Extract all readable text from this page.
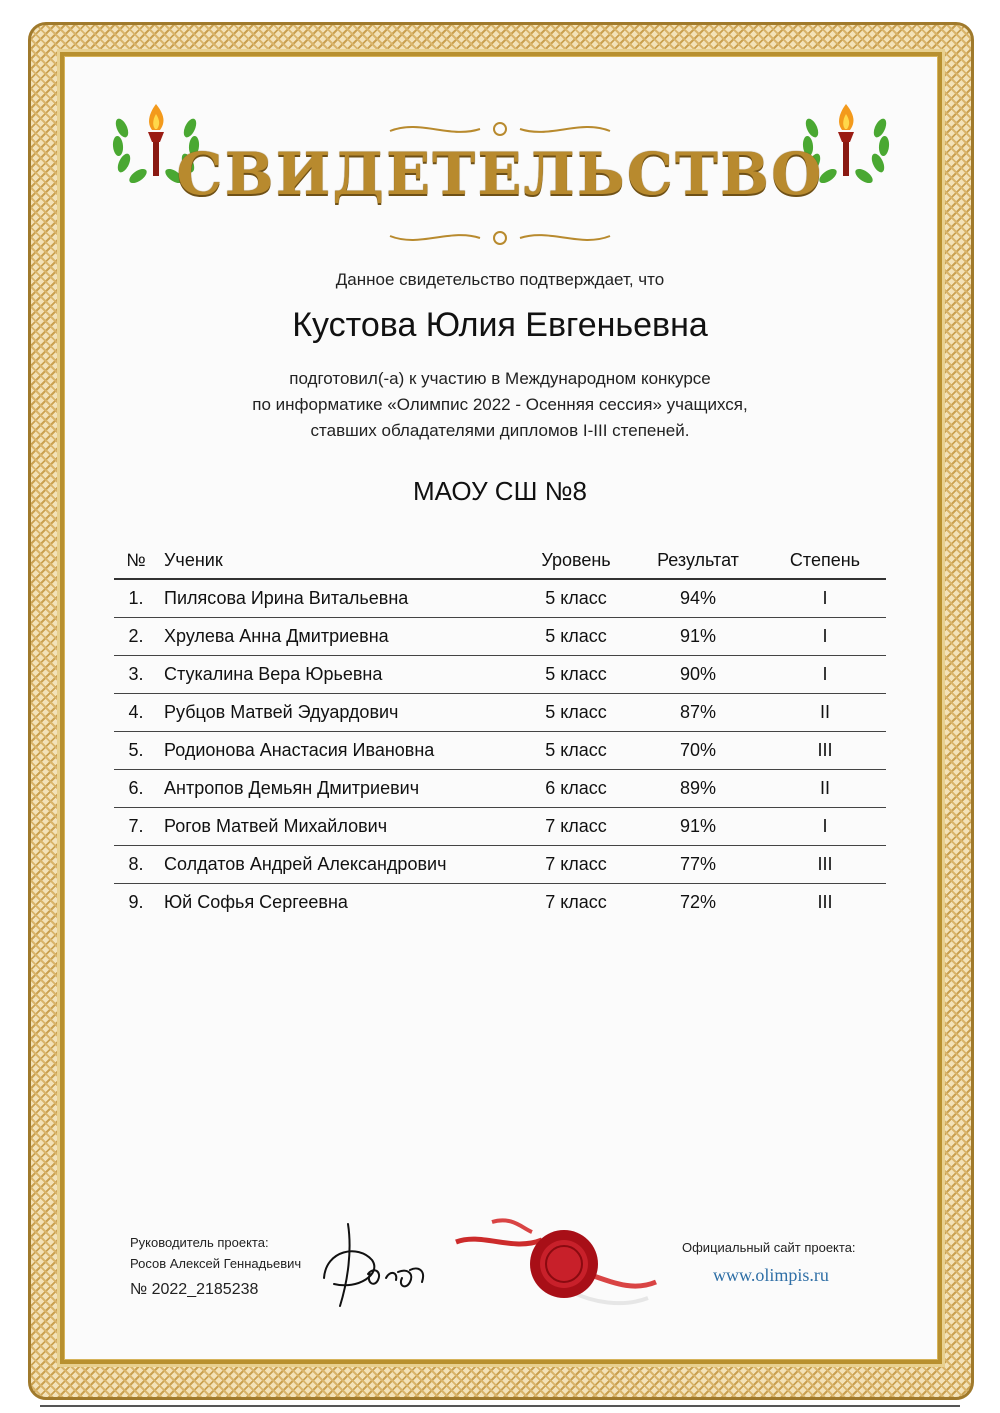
СВИДЕТЕЛЬСТВО
Данное свидетельство подтверждает, что
Кустова Юлия Евгеньевна
подготовил(-а) к участию в Международном конкурсе
по информатике «Олимпис 2022 - Осенняя сессия» учащихся,
ставших обладателями дипломов I-III степеней.
МАОУ СШ №8
№	Ученик	Уровень	Результат	Степень
1.	Пилясова Ирина Витальевна	5 класс	94%	I
2.	Хрулева Анна Дмитриевна	5 класс	91%	I
3.	Стукалина Вера Юрьевна	5 класс	90%	I
4.	Рубцов Матвей Эдуардович	5 класс	87%	II
5.	Родионова Анастасия Ивановна	5 класс	70%	III
6.	Антропов Демьян Дмитриевич	6 класс	89%	II
7.	Рогов Матвей Михайлович	7 класс	91%	I
8.	Солдатов Андрей Александрович	7 класс	77%	III
9.	Юй Софья Сергеевна	7 класс	72%	III
Руководитель проекта:
Росов Алексей Геннадьевич
№ 2022_2185238
Официальный сайт проекта:
www.olimpis.ru
